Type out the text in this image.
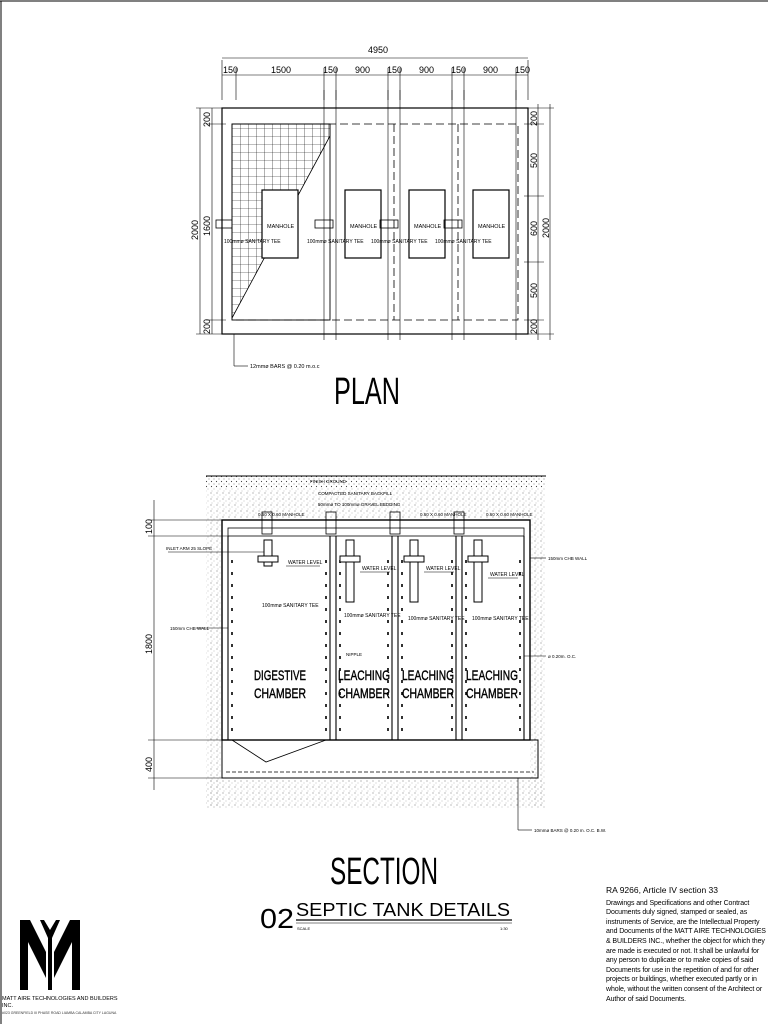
4950
150	1500	150 900 150 900 150 900 150
MANHOLE	MANHOLE	MANHOLE	MANHOLE
100mmø SANITARY TEE	100mmø SANITARY TEE 100mmø SANITARY TEE 100mmø SANITARY TEE
200
1600
200
2000
200
500
600
500
200
2000
12mmø BARS @ 0.20 m.o.c
PLAN
WATER LEVEL
WATER LEVEL	WATER LEVEL
WATER LEVEL
100mmø SANITARY TEE
100mmø SANITARY TEE 100mmø SANITARY TEE 100mmø SANITARY TEE
FINISH GROUND
COMPACTED SANITARY BACKFILL
50mmø TO 100mmø GRAVEL BEDDING
0.60 X 0.60 MANHOLE	0.60 X 0.60 MANHOLE	0.60 X 0.60 MANHOLE
INLET ARM 25 SLOPE
150mm CHB WALL
150mm CHB WALL
ø 0.20m. O.C.
NIPPLE
DIGESTIVE
CHAMBER
LEACHING
CHAMBER
LEACHING
CHAMBER
LEACHING
CHAMBER
100
1800
400
10mmø BARS @ 0.20 m. O.C. B.W.
SECTION
02 SEPTIC TANK DETAILS
SCALE	1:30
RA 9266, Article IV section 33
Drawings and Specifications and other Contract Documents duly signed, stamped or sealed, as instruments of Service, are the Intellectual Property and Documents of the MATT AIRE TECHNOLOGIES & BUILDERS INC., whether the object for which they are made is executed or not. It shall be unlawful for any person to duplicate or to make copies of said Documents for use in the repetition of and for other projects or buildings, whether executed partly or in whole, without the written consent of the Architect or Author of said Documents.
MATT AIRE TECHNOLOGIES AND BUILDERS INC.
#023 GREENFIELD III PHASE ROAD LIAMBA CALAMBA CITY LAGUNA
